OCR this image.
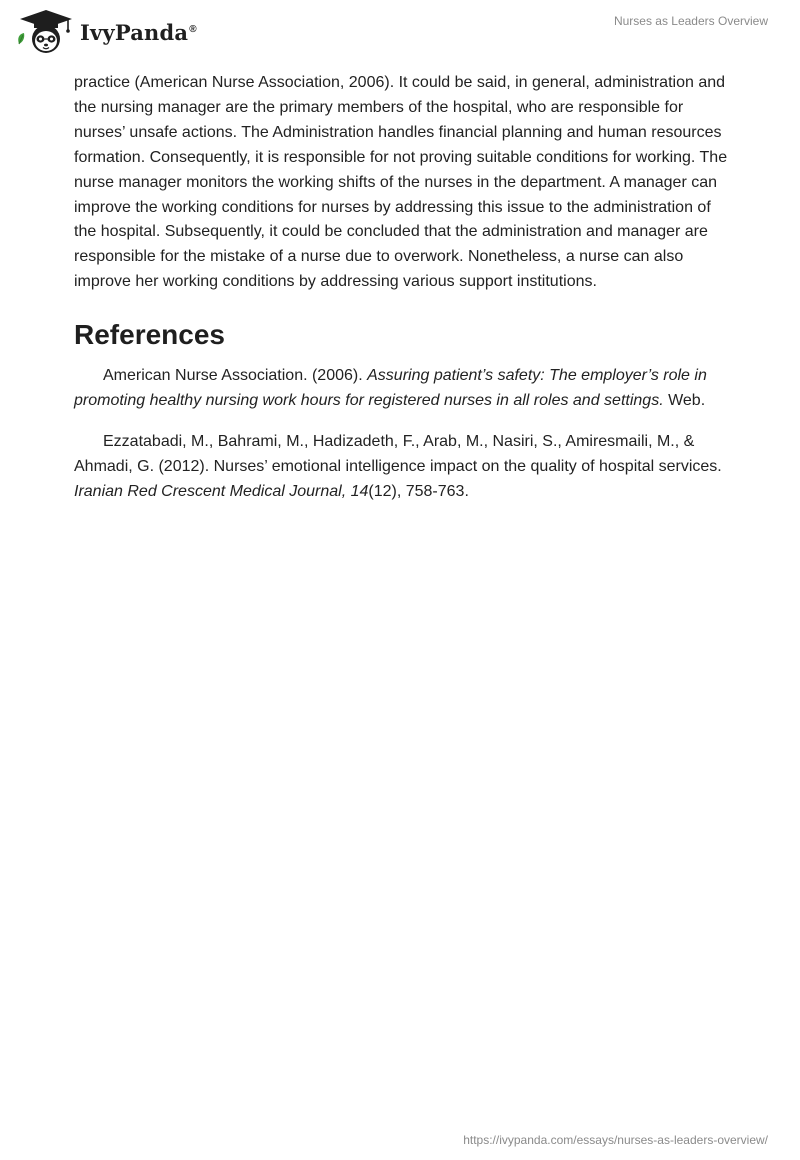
IvyPanda®
Nurses as Leaders Overview

practice (American Nurse Association, 2006). It could be said, in general, administration and the nursing manager are the primary members of the hospital, who are responsible for nurses’ unsafe actions. The Administration handles financial planning and human resources formation. Consequently, it is responsible for not proving suitable conditions for working. The nurse manager monitors the working shifts of the nurses in the department. A manager can improve the working conditions for nurses by addressing this issue to the administration of the hospital. Subsequently, it could be concluded that the administration and manager are responsible for the mistake of a nurse due to overwork. Nonetheless, a nurse can also improve her working conditions by addressing various support institutions.

References

American Nurse Association. (2006). Assuring patient’s safety: The employer’s role in promoting healthy nursing work hours for registered nurses in all roles and settings. Web.

Ezzatabadi, M., Bahrami, M., Hadizadeth, F., Arab, M., Nasiri, S., Amiresmaili, M., & Ahmadi, G. (2012). Nurses’ emotional intelligence impact on the quality of hospital services. Iranian Red Crescent Medical Journal, 14(12), 758-763.

https://ivypanda.com/essays/nurses-as-leaders-overview/
